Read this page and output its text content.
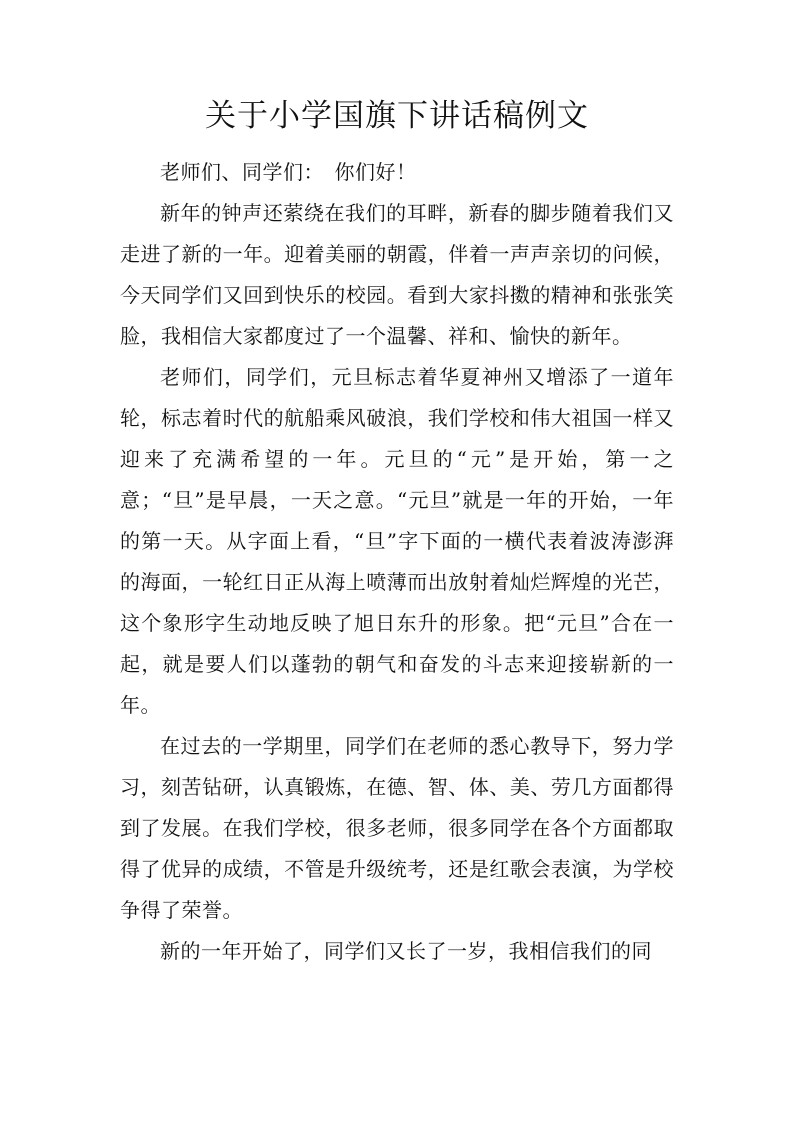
关于小学国旗下讲话稿例文

老师们、同学们：　你们好！

新年的钟声还萦绕在我们的耳畔，新春的脚步随着我们又走进了新的一年。迎着美丽的朝霞，伴着一声声亲切的问候，今天同学们又回到快乐的校园。看到大家抖擞的精神和张张笑脸，我相信大家都度过了一个温馨、祥和、愉快的新年。

老师们，同学们，元旦标志着华夏神州又增添了一道年轮，标志着时代的航船乘风破浪，我们学校和伟大祖国一样又迎来了充满希望的一年。元旦的“元”是开始，第一之意；“旦”是早晨，一天之意。“元旦”就是一年的开始，一年的第一天。从字面上看，“旦”字下面的一横代表着波涛澎湃的海面，一轮红日正从海上喷薄而出放射着灿烂辉煌的光芒，这个象形字生动地反映了旭日东升的形象。把“元旦”合在一起，就是要人们以蓬勃的朝气和奋发的斗志来迎接崭新的一年。

在过去的一学期里，同学们在老师的悉心教导下，努力学习，刻苦钻研，认真锻炼，在德、智、体、美、劳几方面都得到了发展。在我们学校，很多老师，很多同学在各个方面都取得了优异的成绩，不管是升级统考，还是红歌会表演，为学校争得了荣誉。

新的一年开始了，同学们又长了一岁，我相信我们的同
